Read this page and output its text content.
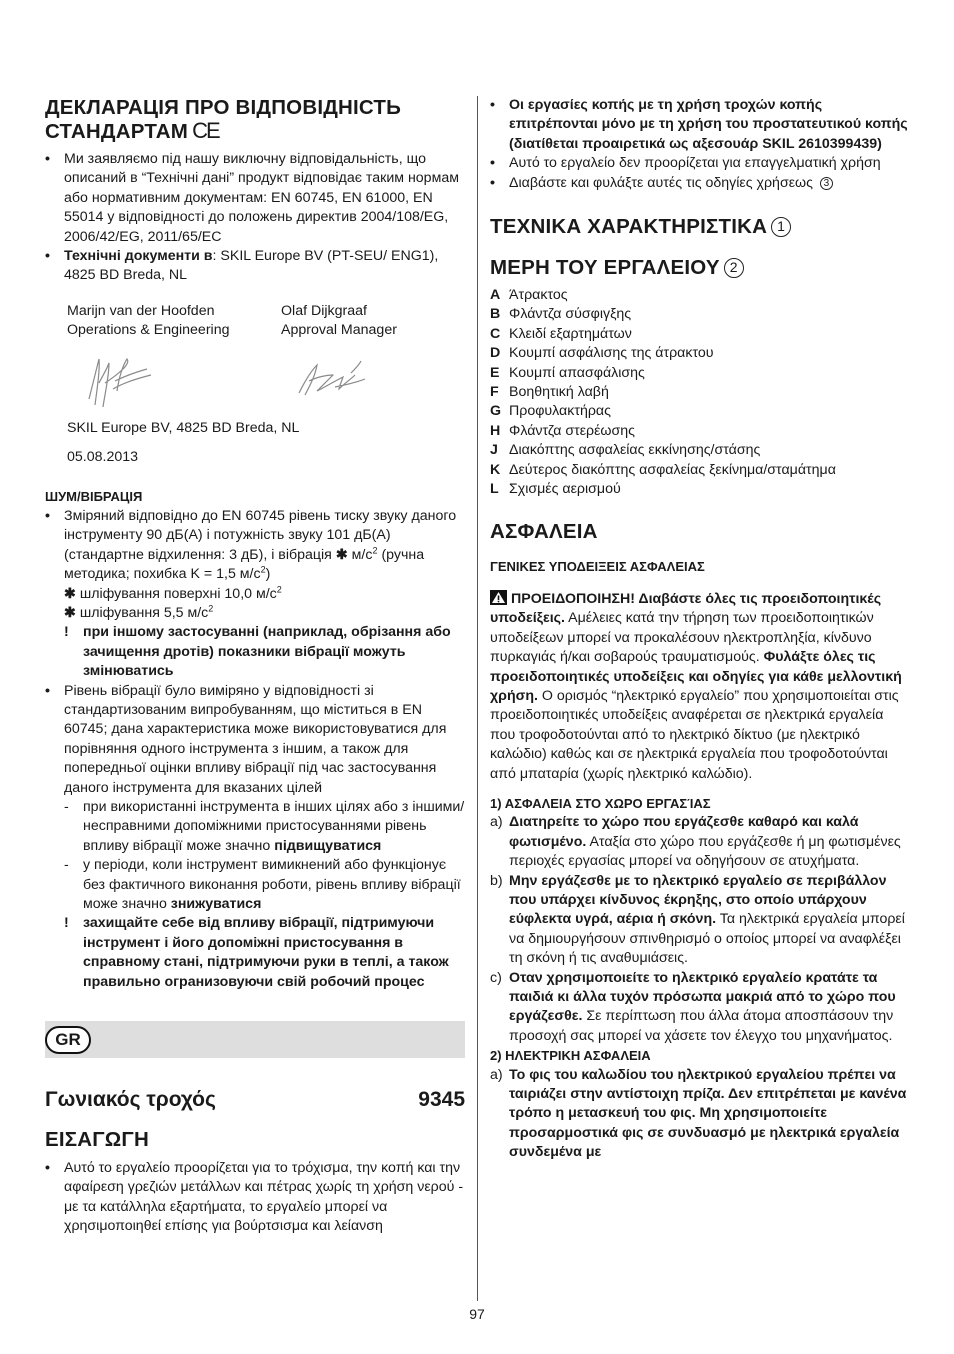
ДЕКЛАРАЦІЯ ПРО ВІДПОВІДНІСТЬ СТАНДАРТАМ CE
• Ми заявляємо під нашу виключну відповідальність, що описаний в “Технічні дані” продукт відповідає таким нормам або нормативним документам: EN 60745, EN 61000, EN 55014 у відповідності до положень директив 2004/108/EG, 2006/42/EG, 2011/65/EC
• Технічні документи в: SKIL Europe BV (PT-SEU/ ENG1), 4825 BD Breda, NL
Marijn van der Hoofden
Operations & Engineering
Olaf Dijkgraaf
Approval Manager
SKIL Europe BV, 4825 BD Breda, NL
05.08.2013
ШУМ/ВІБРАЦІЯ
• Зміряний відповідно до EN 60745 рівень тиску звуку даного інструменту 90 дБ(А) і потужність звуку 101 дБ(А) (стандартне відхилення: 3 дБ), і вібрація ✱ $м/с^2$ (ручна методика; похибка K = 1,5 $м/с^2$)
✱ шліфування поверхні 10,0 $м/с^2$
✱ шліфування 5,5 $м/с^2$
! при іншому застосуванні (наприклад, обрізання або зачищення дротів) показники вібрації можуть змінюватись
• Рівень вібрації було виміряно у відповідності зі стандартизованим випробуванням, що міститься в EN 60745; дана характеристика може використовуватися для порівняння одного інструмента з іншим, а також для попередньої оцінки впливу вібрації під час застосування даного інструмента для вказаних цілей
- при використанні інструмента в інших цілях або з іншими/несправними допоміжними пристосуваннями рівень впливу вібрації може значно підвищуватися
- у періоди, коли інструмент вимикнений або функціонує без фактичного виконання роботи, рівень впливу вібрації може значно знижуватися
! захищайте себе від впливу вібрації, підтримуючи інструмент і його допоміжні пристосування в справному стані, підтримуючи руки в теплі, а також правильно огранизовуючи свій робочий процес
GR
Γωνιακός τροχός	9345
ΕΙΣΑΓΩΓΗ
• Αυτό το εργαλείο προορίζεται για το τρόχισμα, την κοπή και την αφαίρεση γρεζιών μετάλλων και πέτρας χωρίς τη χρήση νερού - με τα κατάλληλα εξαρτήματα, το εργαλείο μπορεί να χρησιμοποιηθεί επίσης για βούρτσισμα και λείανση
• Οι εργασίες κοπής με τη χρήση τροχών κοπής επιτρέπονται μόνο με τη χρήση του προστατευτικού κοπής (διατίθεται προαιρετικά ως αξεσουάρ SKIL 2610399439)
• Αυτό το εργαλείο δεν προορίζεται για επαγγελματική χρήση
• Διαβάστε και φυλάξτε αυτές τις οδηγίες χρήσεως 3
ΤΕΧΝΙΚΑ ΧΑΡΑΚΤΗΡΙΣΤΙΚΑ 1
ΜΕΡΗ ΤΟΥ ΕΡΓΑΛΕΙΟΥ 2
A Άτρακτος
B Φλάντζα σύσφιγξης
C Κλειδί εξαρτημάτων
D Κουμπί ασφάλισης της άτρακτου
E Κουμπί απασφάλισης
F Βοηθητική λαβή
G Προφυλακτήρας
H Φλάντζα στερέωσης
J Διακόπτης ασφαλείας εκκίνησης/στάσης
K Δεύτερος διακόπτης ασφαλείας ξεκίνημα/σταμάτημα
L Σχισμές αερισμού
ΑΣΦΑΛΕΙΑ
ΓΕΝΙΚΕΣ ΥΠΟΔΕΙΞΕΙΣ ΑΣΦΑΛΕΙΑΣ
ΠΡΟΕΙΔΟΠΟΙΗΣΗ! Διαβάστε όλες τις προειδοποιητικές υποδείξεις. Αμέλειες κατά την τήρηση των προειδοποιητικών υποδείξεων μπορεί να προκαλέσουν ηλεκτροπληξία, κίνδυνο πυρκαγιάς ή/και σοβαρούς τραυματισμούς. Φυλάξτε όλες τις προειδοποιητικές υποδείξεις και οδηγίες για κάθε μελλοντική χρήση. Ο ορισμός “ηλεκτρικό εργαλείο” που χρησιμοποιείται στις προειδοποιητικές υποδείξεις αναφέρεται σε ηλεκτρικά εργαλεία που τροφοδοτούνται από το ηλεκτρικό δίκτυο (με ηλεκτρικό καλώδιο) καθώς και σε ηλεκτρικά εργαλεία που τροφοδοτούνται από μπαταρία (χωρίς ηλεκτρικό καλώδιο).
1) ΑΣΦΑΛΕΙΑ ΣΤΟ ΧΩΡΟ ΕΡΓΑΣΊΑΣ
a) Διατηρείτε το χώρο που εργάζεσθε καθαρό και καλά φωτισμένο. Αταξία στο χώρο που εργάζεσθε ή μη φωτισμένες περιοχές εργασίας μπορεί να οδηγήσουν σε ατυχήματα.
b) Μην εργάζεσθε με το ηλεκτρικό εργαλείο σε περιβάλλον που υπάρχει κίνδυνος έκρηξης, στο οποίο υπάρχουν εύφλεκτα υγρά, αέρια ή σκόνη. Τα ηλεκτρικά εργαλεία μπορεί να δημιουργήσουν σπινθηρισμό ο οποίος μπορεί να αναφλέξει τη σκόνη ή τις αναθυμιάσεις.
c) Οταν χρησιμοποιείτε το ηλεκτρικό εργαλείο κρατάτε τα παιδιά κι άλλα τυχόν πρόσωπα μακριά από το χώρο που εργάζεσθε. Σε περίπτωση που άλλα άτομα αποσπάσουν την προσοχή σας μπορεί να χάσετε τον έλεγχο του μηχανήματος.
2) ΗΛΕΚΤΡΙΚΗ ΑΣΦΑΛΕΙΑ
a) Το φις του καλωδίου του ηλεκτρικού εργαλείου πρέπει να ταιριάζει στην αντίστοιχη πρίζα. Δεν επιτρέπεται με κανένα τρόπο η μετασκευή του φις. Μη χρησιμοποιείτε προσαρμοστικά φις σε συνδυασμό με ηλεκτρικά εργαλεία συνδεμένα με
97
